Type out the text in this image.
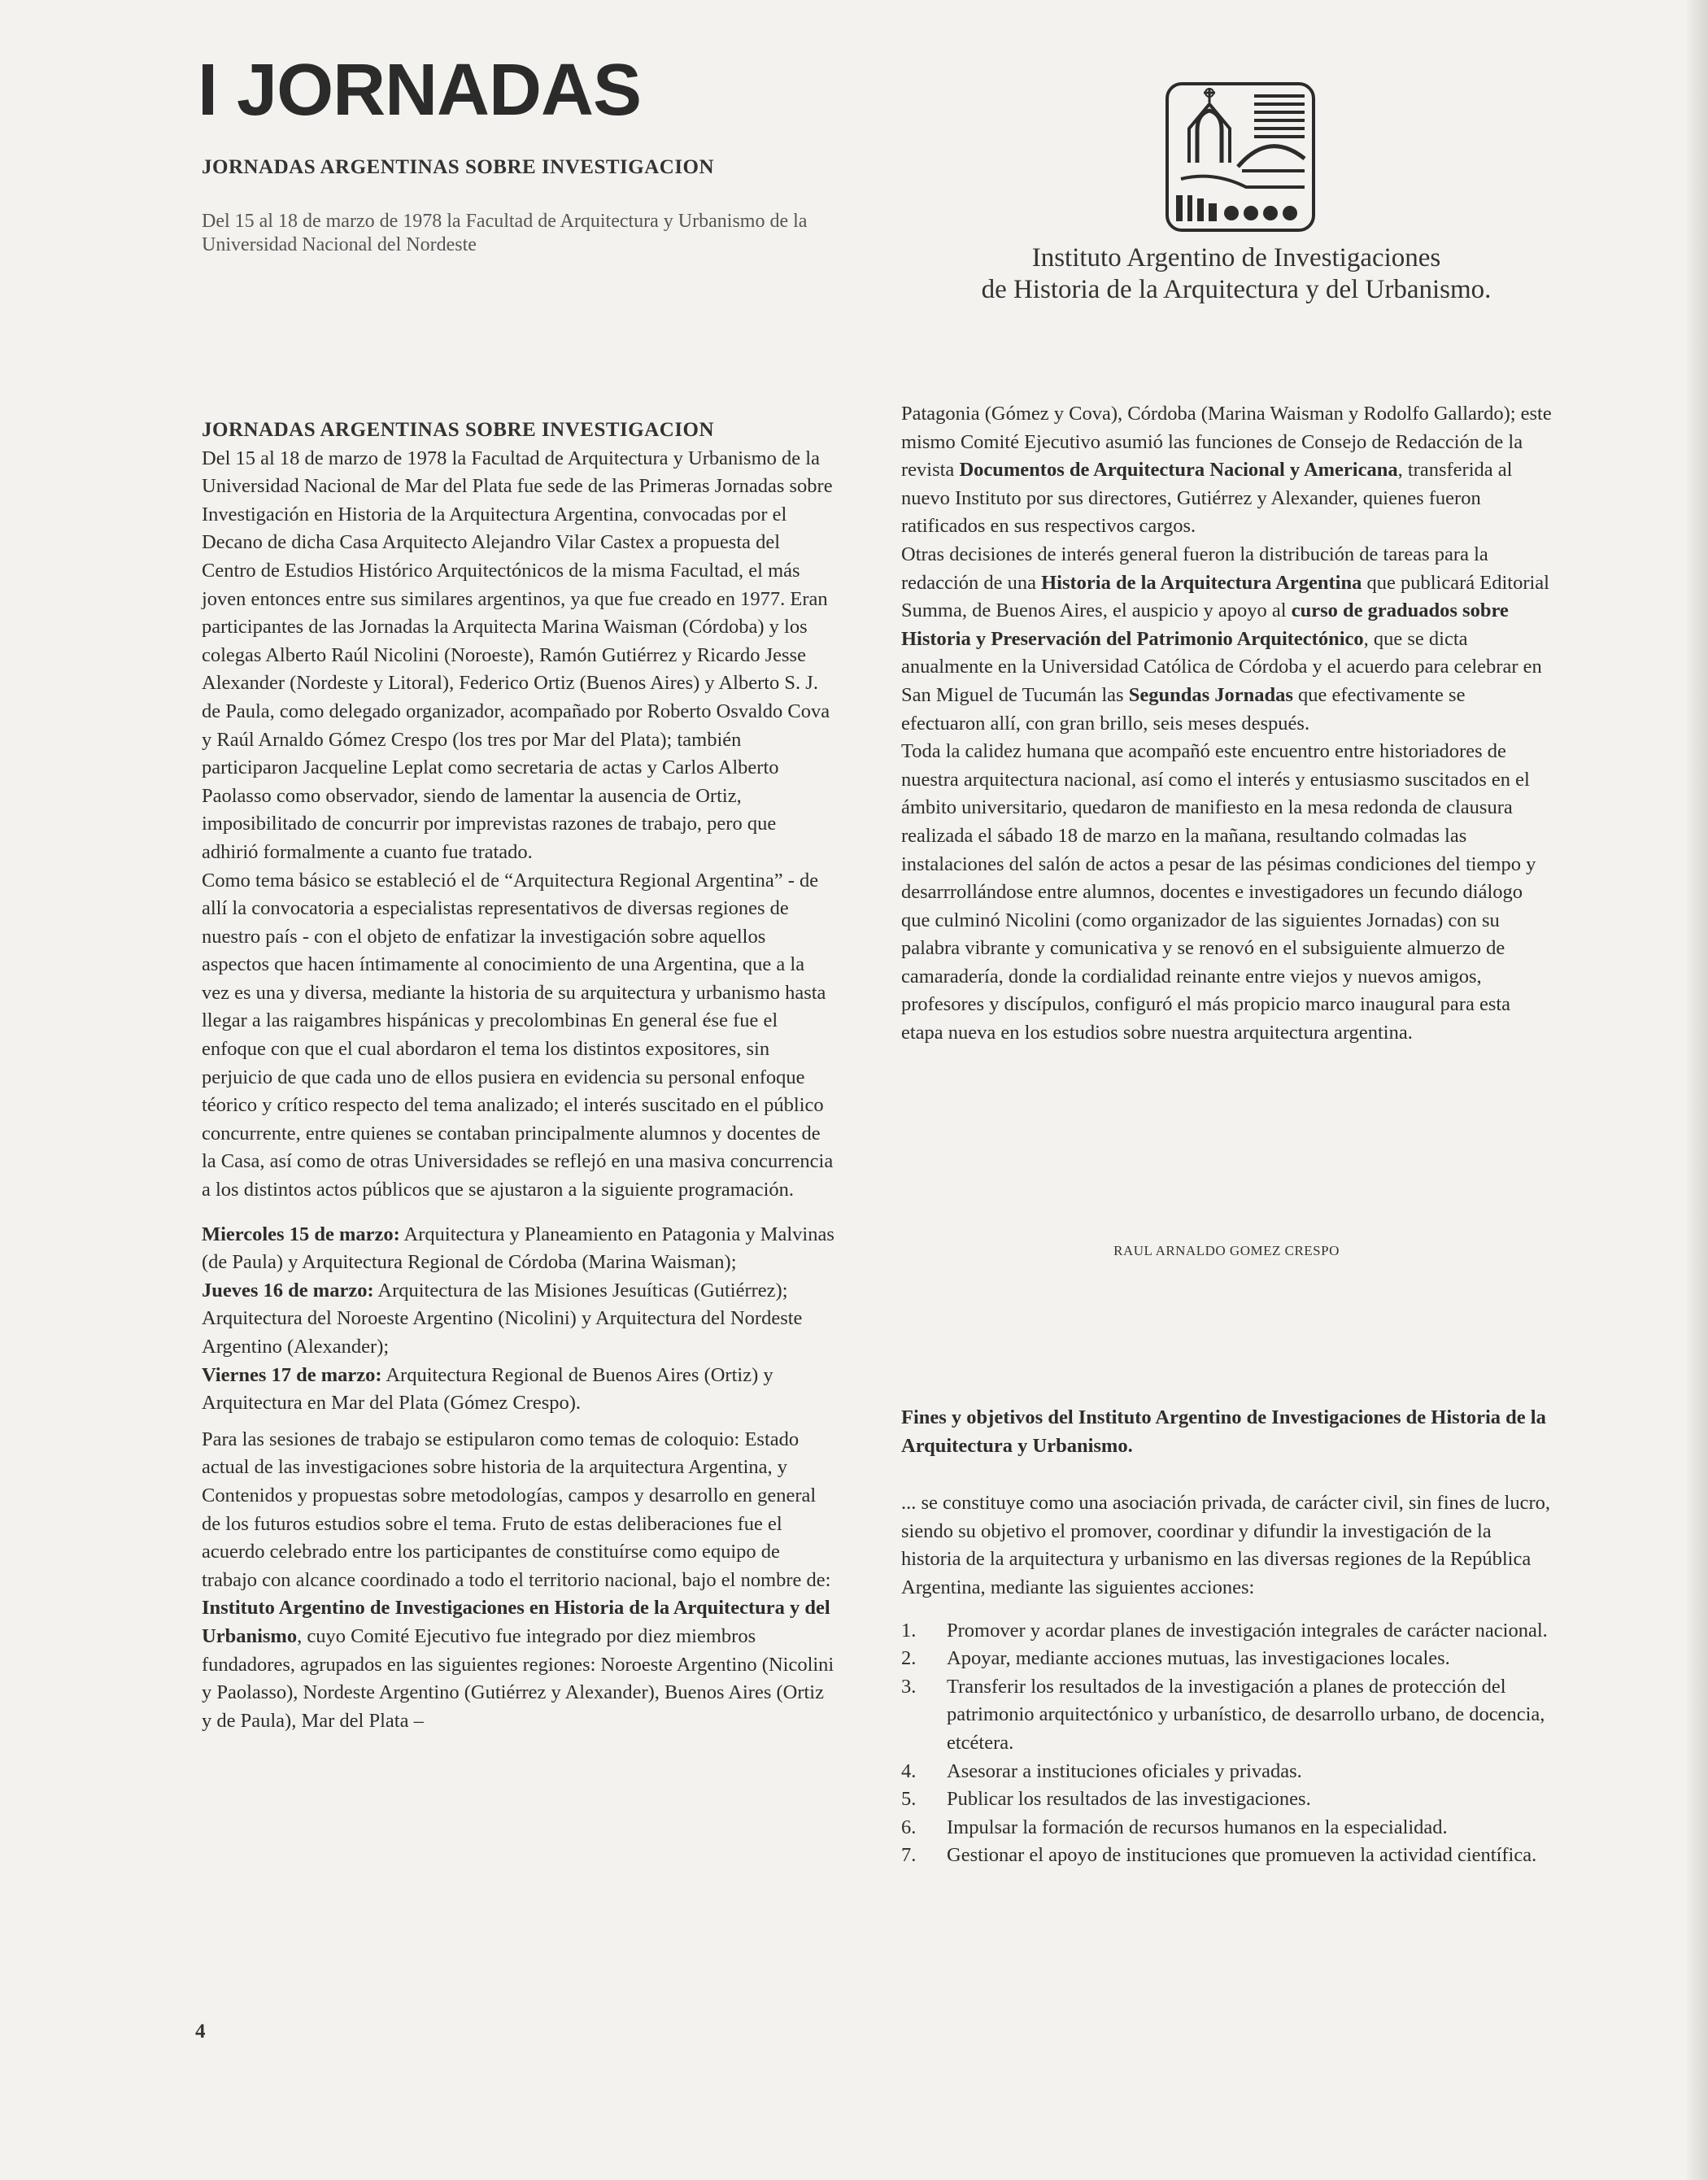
I JORNADAS

JORNADAS ARGENTINAS SOBRE INVESTIGACION

Del 15 al 18 de marzo de 1978 la Facultad de Arquitectura y Urbanismo de la Universidad Nacional del Nordeste	Instituto Argentino de Investigaciones
de Historia de la Arquitectura y del Urbanismo.

JORNADAS ARGENTINAS SOBRE INVESTIGACION

Del 15 al 18 de marzo de 1978 la Facultad de Arquitectura y Urbanismo de la Universidad Nacional de Mar del Plata fue sede de las Primeras Jornadas sobre Investigación en Historia de la Arquitectura Argentina, convocadas por el Decano de dicha Casa Arquitecto Alejandro Vilar Castex a propuesta del Centro de Estudios Histórico Arquitectónicos de la misma Facultad, el más joven entonces entre sus similares argentinos, ya que fue creado en 1977. Eran participantes de las Jornadas la Arquitecta Marina Waisman (Córdoba) y los colegas Alberto Raúl Nicolini (Noroeste), Ramón Gutiérrez y Ricardo Jesse Alexander (Nordeste y Litoral), Federico Ortiz (Buenos Aires) y Alberto S. J. de Paula, como delegado organizador, acompañado por Roberto Osvaldo Cova y Raúl Arnaldo Gómez Crespo (los tres por Mar del Plata); también participaron Jacqueline Leplat como secretaria de actas y Carlos Alberto Paolasso como observador, siendo de lamentar la ausencia de Ortiz, imposibilitado de concurrir por imprevistas razones de trabajo, pero que adhirió formalmente a cuanto fue tratado.

Como tema básico se estableció el de “Arquitectura Regional Argentina” - de allí la convocatoria a especialistas representativos de diversas regiones de nuestro país - con el objeto de enfatizar la investigación sobre aquellos aspectos que hacen íntimamente al conocimiento de una Argentina, que a la vez es una y diversa, mediante la historia de su arquitectura y urbanismo hasta llegar a las raigambres hispánicas y precolombinas En general ése fue el enfoque con que el cual abordaron el tema los distintos expositores, sin perjuicio de que cada uno de ellos pusiera en evidencia su personal enfoque téorico y crítico respecto del tema analizado; el interés suscitado en el público concurrente, entre quienes se contaban principalmente alumnos y docentes de la Casa, así como de otras Universidades se reflejó en una masiva concurrencia a los distintos actos públicos que se ajustaron a la siguiente programación.

Miercoles 15 de marzo: Arquitectura y Planeamiento en Patagonia y Malvinas (de Paula) y Arquitectura Regional de Córdoba (Marina Waisman);

Jueves 16 de marzo: Arquitectura de las Misiones Jesuíticas (Gutiérrez); Arquitectura del Noroeste Argentino (Nicolini) y Arquitectura del Nordeste Argentino (Alexander);

Viernes 17 de marzo: Arquitectura Regional de Buenos Aires (Ortiz) y Arquitectura en Mar del Plata (Gómez Crespo).

Para las sesiones de trabajo se estipularon como temas de coloquio: Estado actual de las investigaciones sobre historia de la arquitectura Argentina, y Contenidos y propuestas sobre metodologías, campos y desarrollo en general de los futuros estudios sobre el tema. Fruto de estas deliberaciones fue el acuerdo celebrado entre los participantes de constituírse como equipo de trabajo con alcance coordinado a todo el territorio nacional, bajo el nombre de: Instituto Argentino de Investigaciones en Historia de la Arquitectura y del Urbanismo, cuyo Comité Ejecutivo fue integrado por diez miembros fundadores, agrupados en las siguientes regiones: Noroeste Argentino (Nicolini y Paolasso), Nordeste Argentino (Gutiérrez y Alexander), Buenos Aires (Ortiz y de Paula), Mar del Plata –

Patagonia (Gómez y Cova), Córdoba (Marina Waisman y Rodolfo Gallardo); este mismo Comité Ejecutivo asumió las funciones de Consejo de Redacción de la revista Documentos de Arquitectura Nacional y Americana, transferida al nuevo Instituto por sus directores, Gutiérrez y Alexander, quienes fueron ratificados en sus respectivos cargos.

Otras decisiones de interés general fueron la distribución de tareas para la redacción de una Historia de la Arquitectura Argentina que publicará Editorial Summa, de Buenos Aires, el auspicio y apoyo al curso de graduados sobre Historia y Preservación del Patrimonio Arquitectónico, que se dicta anualmente en la Universidad Católica de Córdoba y el acuerdo para celebrar en San Miguel de Tucumán las Segundas Jornadas que efectivamente se efectuaron allí, con gran brillo, seis meses después.

Toda la calidez humana que acompañó este encuentro entre historiadores de nuestra arquitectura nacional, así como el interés y entusiasmo suscitados en el ámbito universitario, quedaron de manifiesto en la mesa redonda de clausura realizada el sábado 18 de marzo en la mañana, resultando colmadas las instalaciones del salón de actos a pesar de las pésimas condiciones del tiempo y desarrrollándose entre alumnos, docentes e investigadores un fecundo diálogo que culminó Nicolini (como organizador de las siguientes Jornadas) con su palabra vibrante y comunicativa y se renovó en el subsiguiente almuerzo de camaradería, donde la cordialidad reinante entre viejos y nuevos amigos, profesores y discípulos, configuró el más propicio marco inaugural para esta etapa nueva en los estudios sobre nuestra arquitectura argentina.

RAUL ARNALDO GOMEZ CRESPO

Fines y objetivos del Instituto Argentino de Investigaciones de Historia de la Arquitectura y Urbanismo.

... se constituye como una asociación privada, de carácter civil, sin fines de lucro, siendo su objetivo el promover, coordinar y difundir la investigación de la historia de la arquitectura y urbanismo en las diversas regiones de la República Argentina, mediante las siguientes acciones:

1.	Promover y acordar planes de investigación integrales de carácter nacional.
2.	Apoyar, mediante acciones mutuas, las investigaciones locales.
3.	Transferir los resultados de la investigación a planes de protección del patrimonio arquitectónico y urbanístico, de desarrollo urbano, de docencia, etcétera.
4.	Asesorar a instituciones oficiales y privadas.
5.	Publicar los resultados de las investigaciones.
6.	Impulsar la formación de recursos humanos en la especialidad.
7.	Gestionar el apoyo de instituciones que promueven la actividad científica.

4
